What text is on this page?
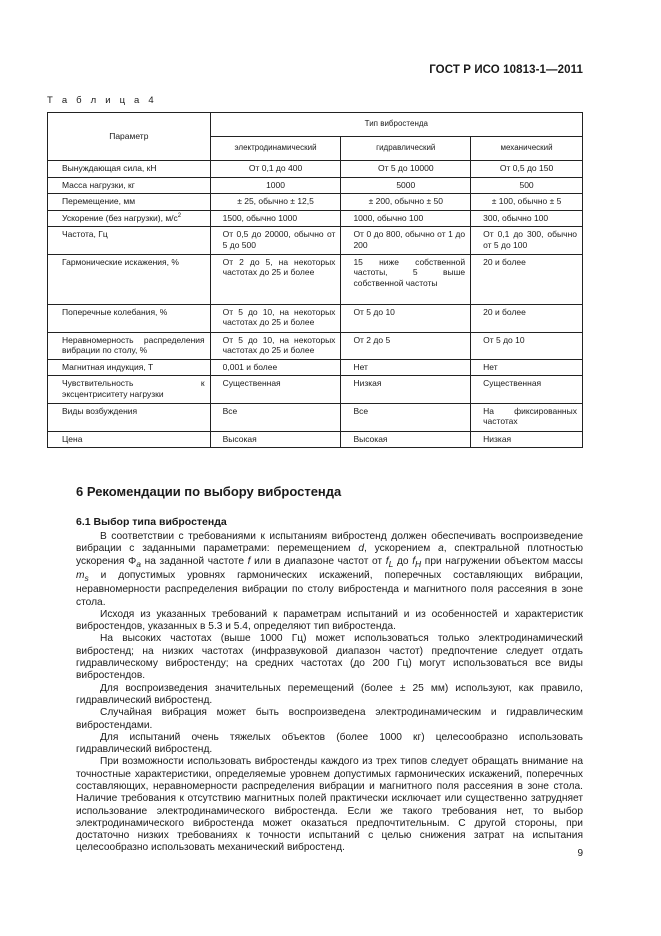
ГОСТ Р ИСО 10813-1—2011
Т а б л и ц а 4
Параметр	Тип вибростенда		
	электродинамический	гидравлический	механический
Вынуждающая сила, кН	От 0,1 до 400	От 5 до 10000	От 0,5 до 150
Масса нагрузки, кг	1000	5000	500
Перемещение, мм	± 25, обычно ± 12,5	± 200, обычно ± 50	± 100, обычно ± 5
Ускорение (без нагрузки), $м/с^2$	1500, обычно 1000	1000, обычно 100	300, обычно 100
Частота, Гц	От 0,5 до 20000, обычно от 5 до 500	От 0 до 800, обычно от 1 до 200	От 0,1 до 300, обычно от 5 до 100
Гармонические искажения, %	От 2 до 5, на некоторых частотах до 25 и более	15 ниже собственной частоты, 5 выше собственной частоты	20 и более
Поперечные колебания, %	От 5 до 10, на некоторых частотах до 25 и более	От 5 до 10	20 и более
Неравномерность распределения вибрации по столу, %	От 5 до 10, на некоторых частотах до 25 и более	От 2 до 5	От 5 до 10
Магнитная индукция, Т	0,001 и более	Нет	Нет
Чувствительность к эксцентриситету нагрузки	Существенная	Низкая	Существенная
Виды возбуждения	Все	Все	На фиксированных частотах
Цена	Высокая	Высокая	Низкая
6 Рекомендации по выбору вибростенда
6.1 Выбор типа вибростенда

В соответствии с требованиями к испытаниям вибростенд должен обеспечивать воспроизведение вибрации с заданными параметрами: перемещением d, ускорением a, спектральной плотностью ускорения $\Phi_a$ на заданной частоте f или в диапазоне частот от $f_L$ до $f_H$ при нагружении объектом массы $m_s$ и допустимых уровнях гармонических искажений, поперечных составляющих вибрации, неравномерности распределения вибрации по столу вибростенда и магнитного поля рассеяния в зоне стола.

Исходя из указанных требований к параметрам испытаний и из особенностей и характеристик вибростендов, указанных в 5.3 и 5.4, определяют тип вибростенда.

На высоких частотах (выше 1000 Гц) может использоваться только электродинамический вибростенд; на низких частотах (инфразвуковой диапазон частот) предпочтение следует отдать гидравлическому вибростенду; на средних частотах (до 200 Гц) могут использоваться все виды вибростендов.

Для воспроизведения значительных перемещений (более ± 25 мм) используют, как правило, гидравлический вибростенд.

Случайная вибрация может быть воспроизведена электродинамическим и гидравлическим вибростендами.

Для испытаний очень тяжелых объектов (более 1000 кг) целесообразно использовать гидравлический вибростенд.

При возможности использовать вибростенды каждого из трех типов следует обращать внимание на точностные характеристики, определяемые уровнем допустимых гармонических искажений, поперечных составляющих, неравномерности распределения вибрации и магнитного поля рассеяния в зоне стола. Наличие требования к отсутствию магнитных полей практически исключает или существенно затрудняет использование электродинамического вибростенда. Если же такого требования нет, то выбор электродинамического вибростенда может оказаться предпочтительным. С другой стороны, при достаточно низких требованиях к точности испытаний с целью снижения затрат на испытания целесообразно использовать механический вибростенд.

9
